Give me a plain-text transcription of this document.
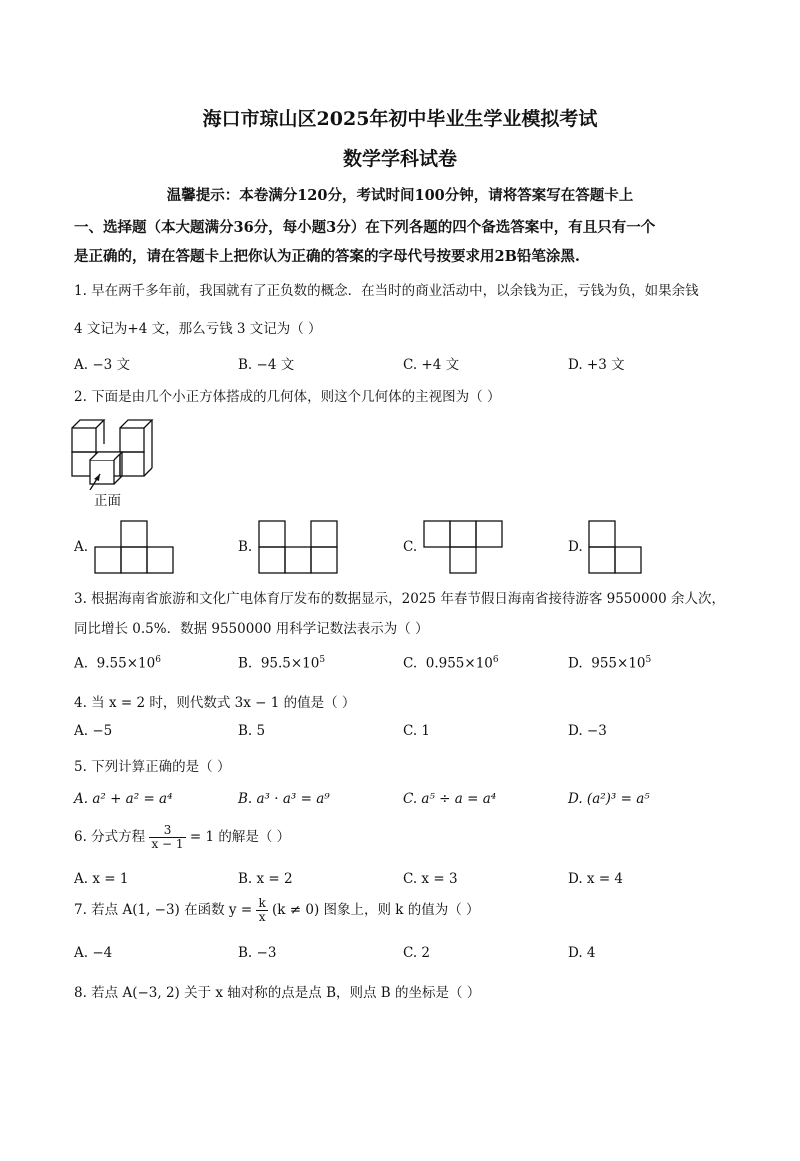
海口市琼山区2025年初中毕业生学业模拟考试
数学学科试卷
温馨提示：本卷满分120分，考试时间100分钟，请将答案写在答题卡上
一、选择题（本大题满分36分，每小题3分）在下列各题的四个备选答案中，有且只有一个
是正确的，请在答题卡上把你认为正确的答案的字母代号按要求用2B铅笔涂黑.
1. 早在两千多年前，我国就有了正负数的概念．在当时的商业活动中，以余钱为正，亏钱为负，如果余钱
4 文记为+4 文，那么亏钱 3 文记为（ ）
A. −3 文	B. −4 文	C. +4 文	D. +3 文
2. 下面是由几个小正方体搭成的几何体，则这个几何体的主视图为（ ）
正面
A.	B.	C.	D.
3. 根据海南省旅游和文化广电体育厅发布的数据显示，2025 年春节假日海南省接待游客 9550000 余人次，
同比增长 0.5%．数据 9550000 用科学记数法表示为（ ）
A. $9.55\times 10^6$	B. $95.5\times 10^5$	C. $0.955\times 10^6$	D. $955\times 10^5$
4. 当 x = 2 时，则代数式 3x − 1 的值是（ ）
A. −5	B. 5	C. 1	D. −3
5. 下列计算正确的是（ ）
A. a² + a² = a⁴	B. a³ · a³ = a⁹	C. a⁵ ÷ a = a⁴	D. (a²)³ = a⁵
6. 分式方程 $\frac{3}{x - 1} = 1$ 的解是（ ）
A. x = 1	B. x = 2	C. x = 3	D. x = 4
7. 若点 A(1, −3) 在函数 $y = \frac{k}{x} (k \ne 0)$ 图象上，则 k 的值为（ ）
A. −4	B. −3	C. 2	D. 4
8. 若点 A(−3, 2) 关于 x 轴对称的点是点 B，则点 B 的坐标是（ ）
